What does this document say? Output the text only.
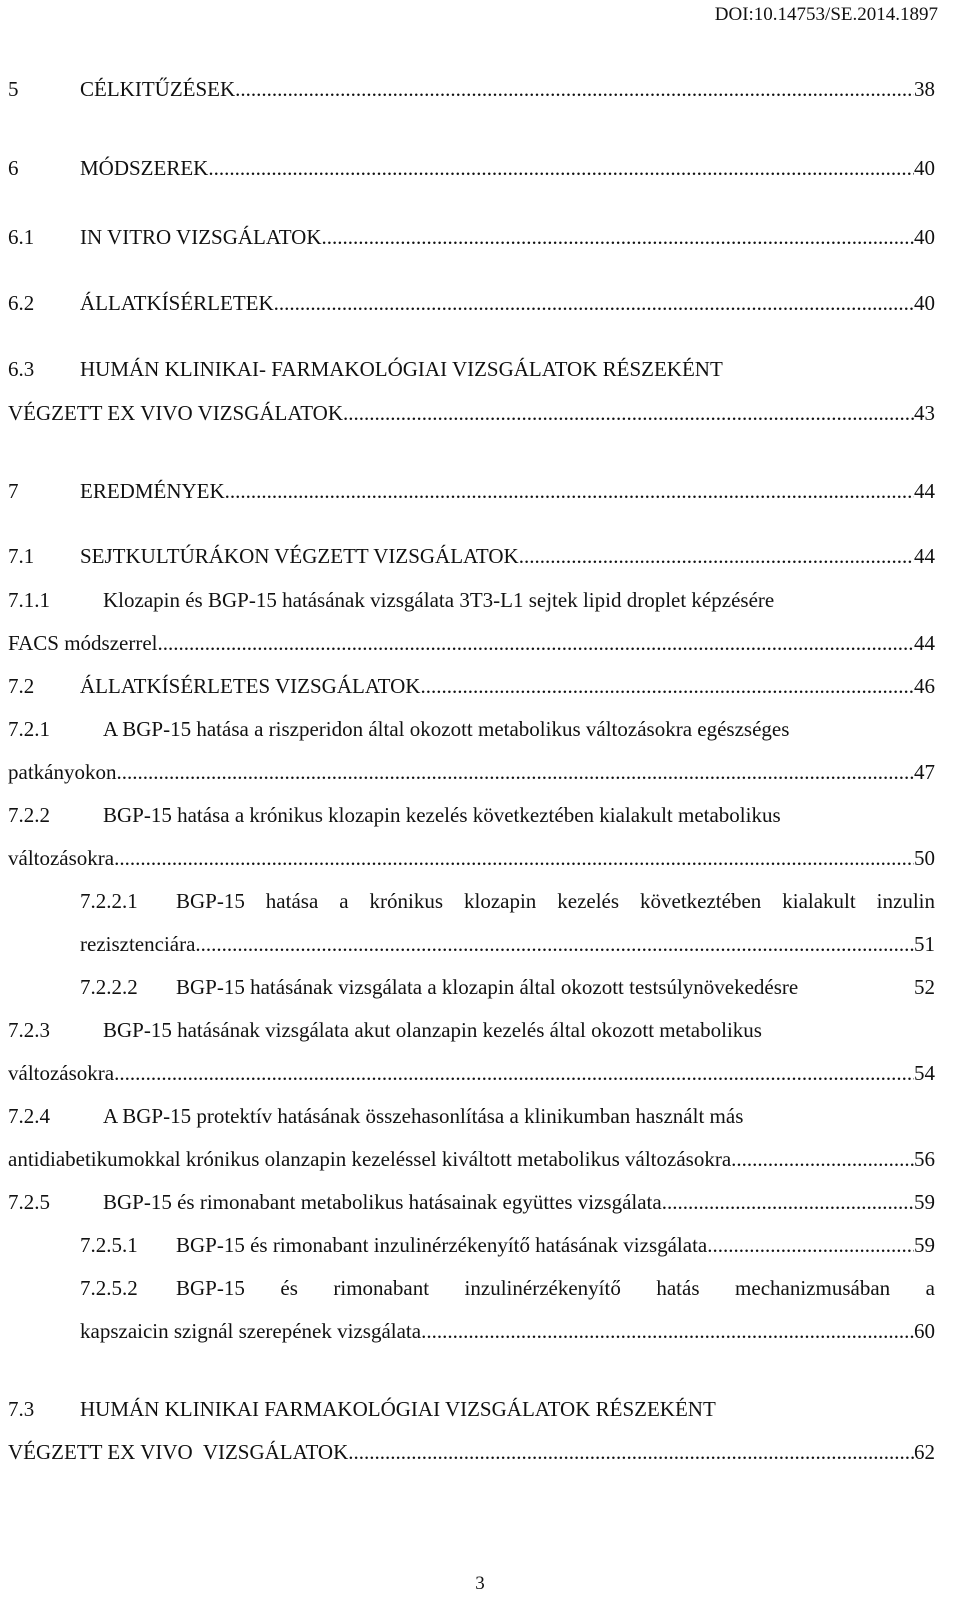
DOI:10.14753/SE.2014.1897
5	CÉLKITŰZÉSEK .....	38
6	MÓDSZEREK .....	40
6.1 IN VITRO VIZSGÁLATOK .....	40
6.2 ÁLLATKÍSÉRLETEK .....	40
6.3 HUMÁN KLINIKAI- FARMAKOLÓGIAI VIZSGÁLATOK RÉSZEKÉNT
VÉGZETT EX VIVO VIZSGÁLATOK .....	43
7	EREDMÉNYEK .....	44
7.1 SEJTKULTÚRÁKON VÉGZETT VIZSGÁLATOK .....	44
7.1.1	Klozapin és BGP-15 hatásának vizsgálata 3T3-L1 sejtek lipid droplet képzésére
FACS módszerrel .....	44
7.2 ÁLLATKÍSÉRLETES VIZSGÁLATOK .....	46
7.2.1	A BGP-15 hatása a riszperidon által okozott metabolikus változásokra egészséges
patkányokon .....	47
7.2.2	BGP-15 hatása a krónikus klozapin kezelés következtében kialakult metabolikus
változásokra .....	50
7.2.2.1 BGP-15 hatása a krónikus klozapin kezelés következtében kialakult inzulin
rezisztenciára .....	51
7.2.2.2 BGP-15 hatásának vizsgálata a klozapin által okozott testsúlynövekedésre	52
7.2.3	BGP-15 hatásának vizsgálata akut olanzapin kezelés által okozott metabolikus
változásokra .....	54
7.2.4	A BGP-15 protektív hatásának összehasonlítása a klinikumban használt más
antidiabetikumokkal krónikus olanzapin kezeléssel kiváltott metabolikus változásokra .....	56
7.2.5	BGP-15 és rimonabant metabolikus hatásainak együttes vizsgálata .....	59
7.2.5.1 BGP-15 és rimonabant inzulinérzékenyítő hatásának vizsgálata .....	59
7.2.5.2 BGP-15 és rimonabant inzulinérzékenyítő hatás mechanizmusában a
kapszaicin szignál szerepének vizsgálata .....	60
7.3 HUMÁN KLINIKAI FARMAKOLÓGIAI VIZSGÁLATOK RÉSZEKÉNT
VÉGZETT EX VIVO  VIZSGÁLATOK .....	62
3
